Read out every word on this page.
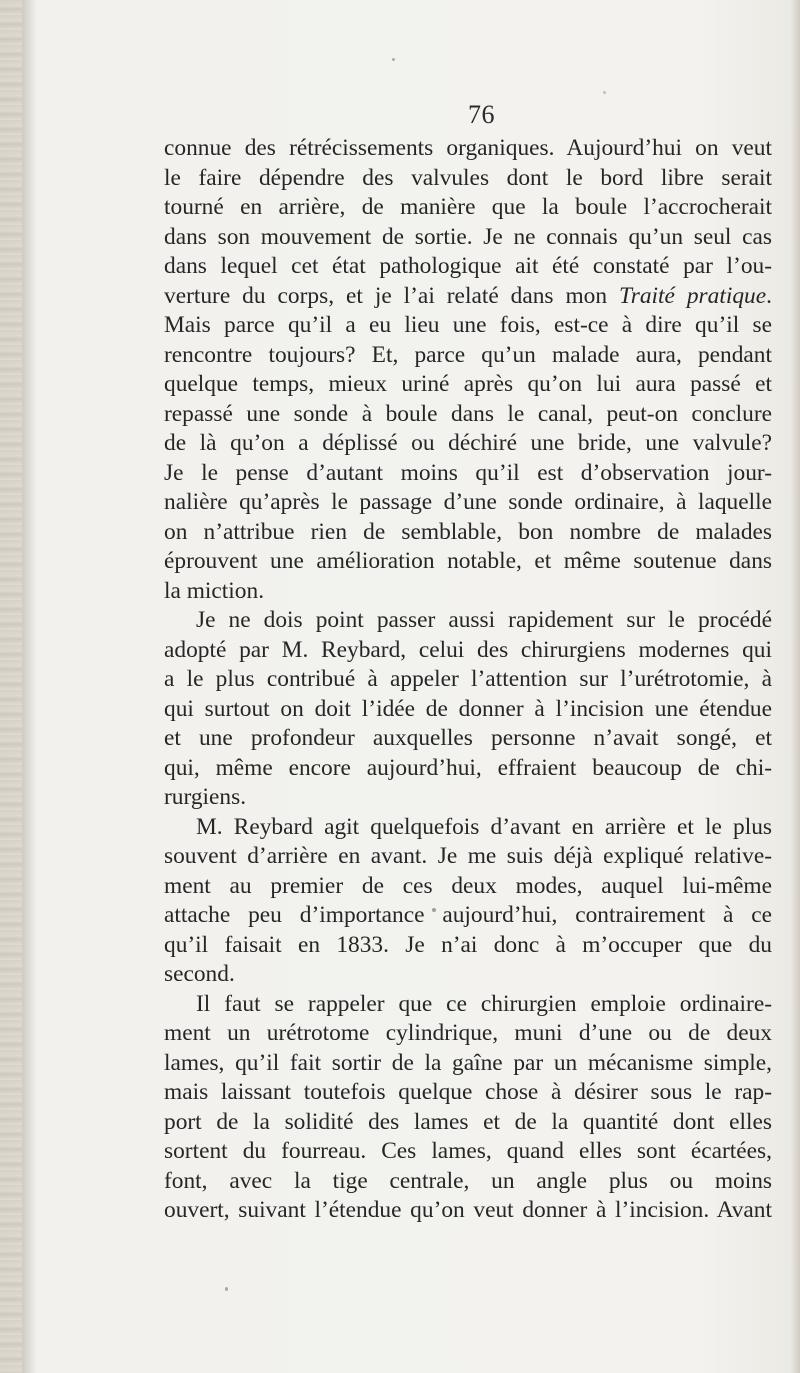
76
connue des rétrécissements organiques. Aujourd’hui on veut
le faire dépendre des valvules dont le bord libre serait
tourné en arrière, de manière que la boule l’accrocherait
dans son mouvement de sortie. Je ne connais qu’un seul cas
dans lequel cet état pathologique ait été constaté par l’ou-
verture du corps, et je l’ai relaté dans mon Traité pratique.
Mais parce qu’il a eu lieu une fois, est-ce à dire qu’il se
rencontre toujours? Et, parce qu’un malade aura, pendant
quelque temps, mieux uriné après qu’on lui aura passé et
repassé une sonde à boule dans le canal, peut-on conclure
de là qu’on a déplissé ou déchiré une bride, une valvule?
Je le pense d’autant moins qu’il est d’observation jour-
nalière qu’après le passage d’une sonde ordinaire, à laquelle
on n’attribue rien de semblable, bon nombre de malades
éprouvent une amélioration notable, et même soutenue dans
la miction.
Je ne dois point passer aussi rapidement sur le procédé
adopté par M. Reybard, celui des chirurgiens modernes qui
a le plus contribué à appeler l’attention sur l’urétrotomie, à
qui surtout on doit l’idée de donner à l’incision une étendue
et une profondeur auxquelles personne n’avait songé, et
qui, même encore aujourd’hui, effraient beaucoup de chi-
rurgiens.
M. Reybard agit quelquefois d’avant en arrière et le plus
souvent d’arrière en avant. Je me suis déjà expliqué relative-
ment au premier de ces deux modes, auquel lui-même
attache peu d’importance aujourd’hui, contrairement à ce
qu’il faisait en 1833. Je n’ai donc à m’occuper que du
second.
Il faut se rappeler que ce chirurgien emploie ordinaire-
ment un urétrotome cylindrique, muni d’une ou de deux
lames, qu’il fait sortir de la gaîne par un mécanisme simple,
mais laissant toutefois quelque chose à désirer sous le rap-
port de la solidité des lames et de la quantité dont elles
sortent du fourreau. Ces lames, quand elles sont écartées,
font, avec la tige centrale, un angle plus ou moins
ouvert, suivant l’étendue qu’on veut donner à l’incision. Avant
